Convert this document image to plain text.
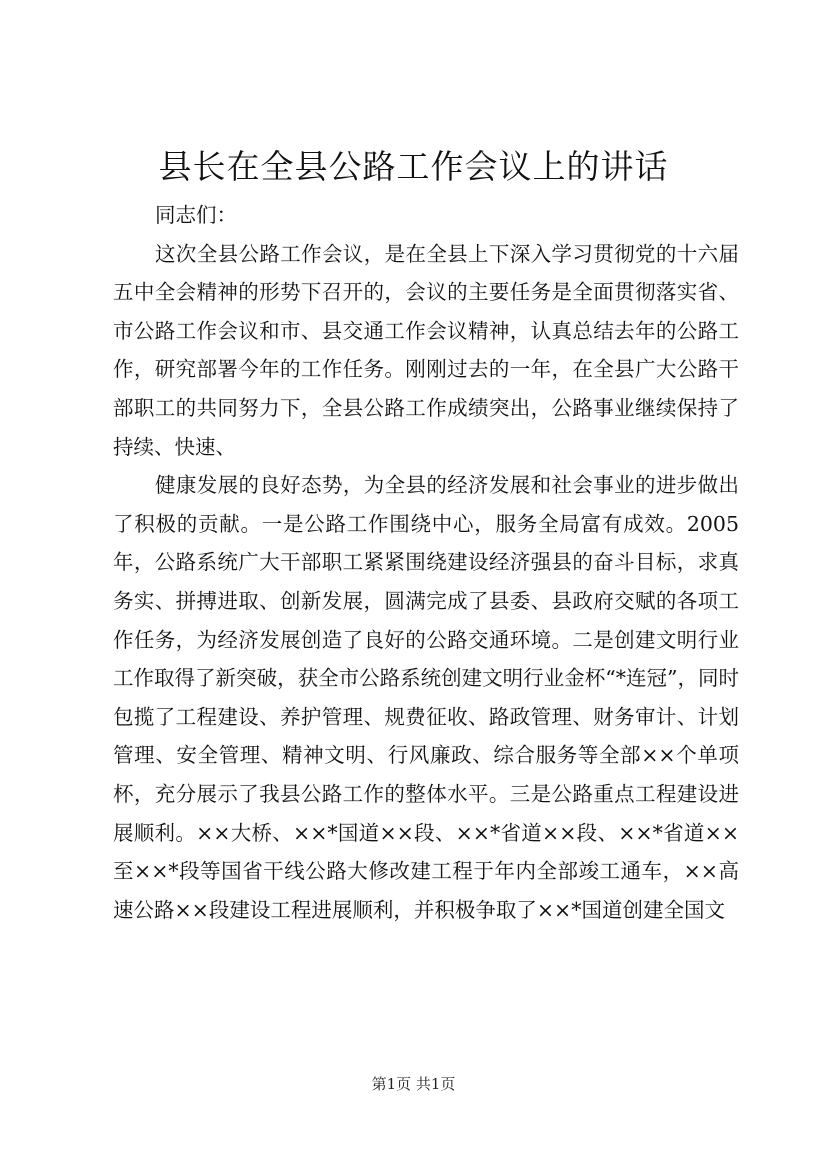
县长在全县公路工作会议上的讲话

同志们：

这次全县公路工作会议，是在全县上下深入学习贯彻党的十六届五中全会精神的形势下召开的，会议的主要任务是全面贯彻落实省、市公路工作会议和市、县交通工作会议精神，认真总结去年的公路工作，研究部署今年的工作任务。刚刚过去的一年，在全县广大公路干部职工的共同努力下，全县公路工作成绩突出，公路事业继续保持了持续、快速、

健康发展的良好态势，为全县的经济发展和社会事业的进步做出了积极的贡献。一是公路工作围绕中心，服务全局富有成效。2005年，公路系统广大干部职工紧紧围绕建设经济强县的奋斗目标，求真务实、拼搏进取、创新发展，圆满完成了县委、县政府交赋的各项工作任务，为经济发展创造了良好的公路交通环境。二是创建文明行业工作取得了新突破，获全市公路系统创建文明行业金杯“*连冠”，同时包揽了工程建设、养护管理、规费征收、路政管理、财务审计、计划管理、安全管理、精神文明、行风廉政、综合服务等全部××个单项杯，充分展示了我县公路工作的整体水平。三是公路重点工程建设进展顺利。××大桥、××*国道××段、××*省道××段、××*省道××至××*段等国省干线公路大修改建工程于年内全部竣工通车，××高速公路××段建设工程进展顺利，并积极争取了××*国道创建全国文

第1页 共1页
